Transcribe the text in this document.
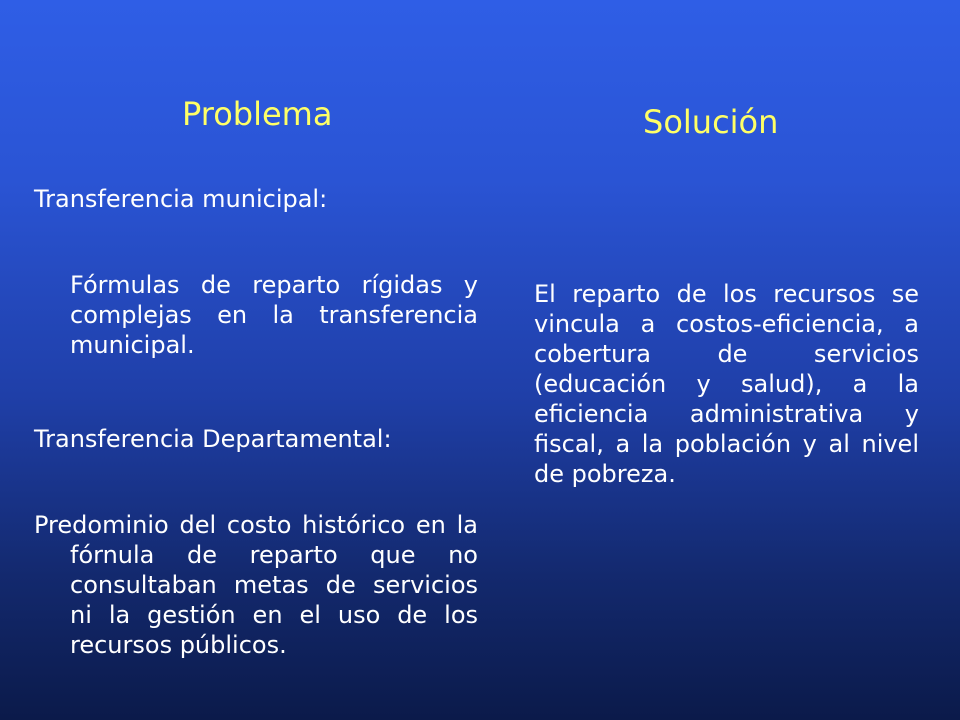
Problema	Solución

Transferencia municipal:

Fórmulas de reparto rígidas y complejas en la transferencia municipal.

Transferencia Departamental:

Predominio del costo histórico en la fórnula de reparto que no consultaban metas de servicios ni la gestión en el uso de los recursos públicos.

El reparto de los recursos se vincula a costos-eficiencia, a cobertura de servicios (educación y salud), a la eficiencia administrativa y fiscal, a la población y al nivel de pobreza.
